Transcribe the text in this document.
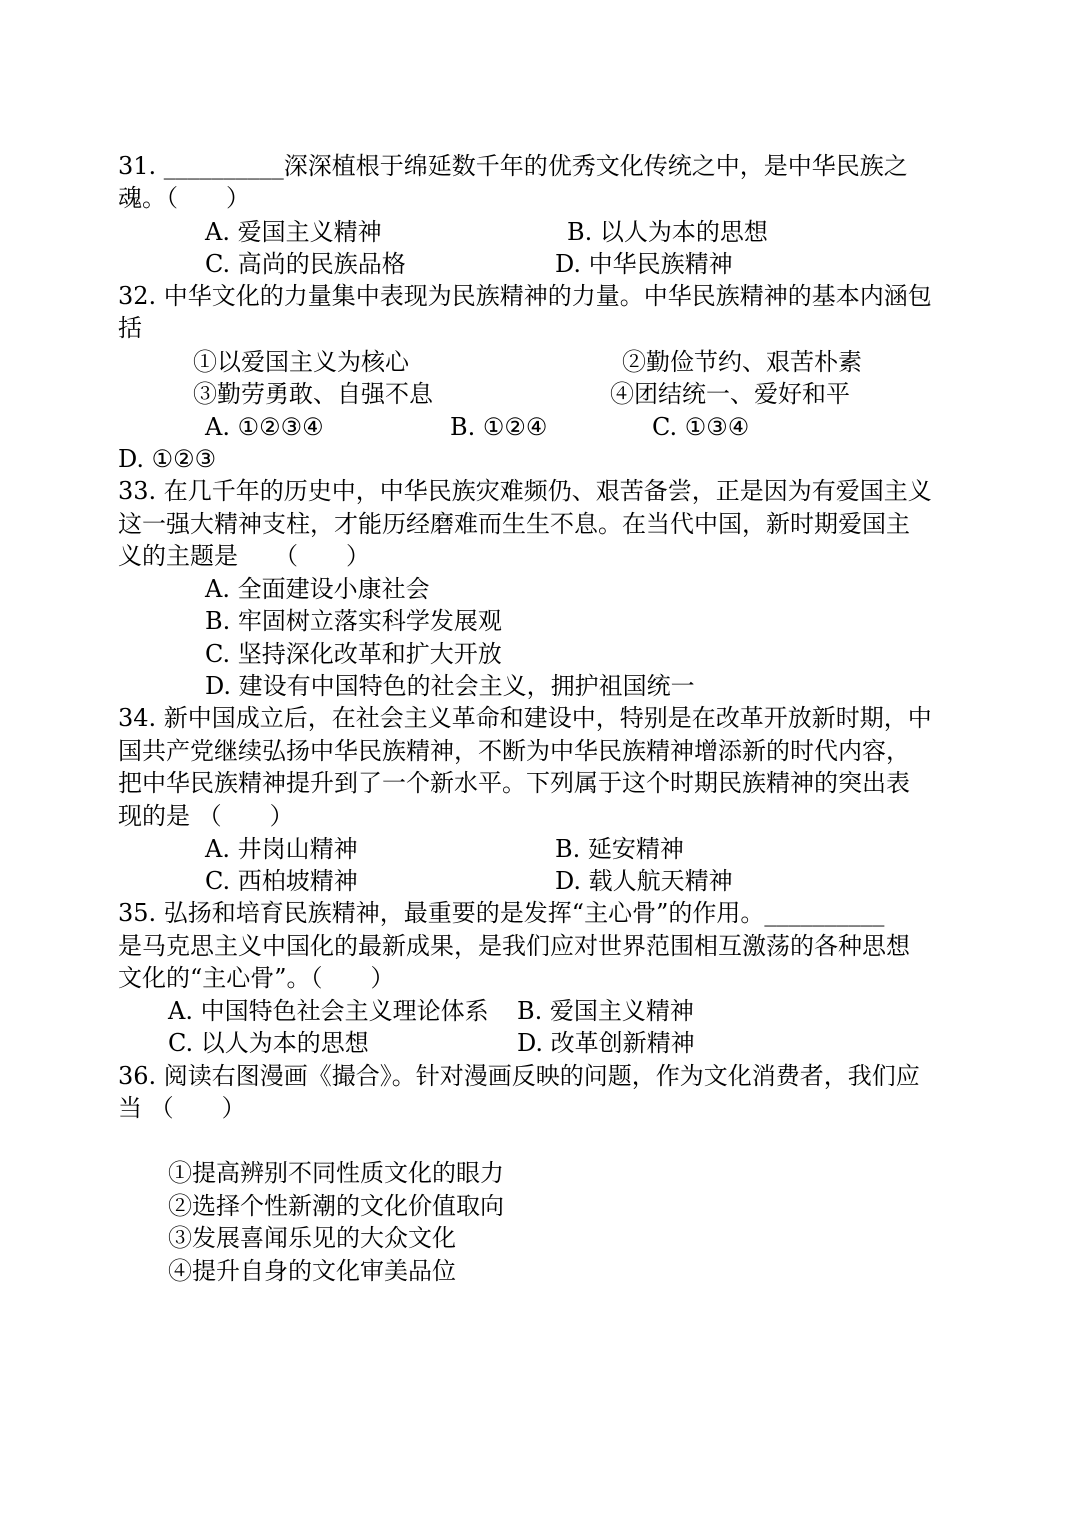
31. __________深深植根于绵延数千年的优秀文化传统之中，是中华民族之
魂。（　　）
A. 爱国主义精神	B. 以人为本的思想
C. 高尚的民族品格	D. 中华民族精神
32. 中华文化的力量集中表现为民族精神的力量。中华民族精神的基本内涵包
括
①以爱国主义为核心	②勤俭节约、艰苦朴素
③勤劳勇敢、自强不息	④团结统一、爱好和平
A. ①②③④	B. ①②④	C. ①③④
D. ①②③
33. 在几千年的历史中，中华民族灾难频仍、艰苦备尝，正是因为有爱国主义
这一强大精神支柱，才能历经磨难而生生不息。在当代中国，新时期爱国主
义的主题是　　（　　）
A. 全面建设小康社会
B. 牢固树立落实科学发展观
C. 坚持深化改革和扩大开放
D. 建设有中国特色的社会主义，拥护祖国统一
34. 新中国成立后，在社会主义革命和建设中，特别是在改革开放新时期，中
国共产党继续弘扬中华民族精神，不断为中华民族精神增添新的时代内容，
把中华民族精神提升到了一个新水平。下列属于这个时期民族精神的突出表
现的是 （　　）
A. 井岗山精神	B. 延安精神
C. 西柏坡精神	D. 载人航天精神
35. 弘扬和培育民族精神，最重要的是发挥“主心骨”的作用。__________
是马克思主义中国化的最新成果，是我们应对世界范围相互激荡的各种思想
文化的“主心骨”。（　　）
A. 中国特色社会主义理论体系 B. 爱国主义精神
C. 以人为本的思想	D. 改革创新精神
36. 阅读右图漫画《撮合》。针对漫画反映的问题，作为文化消费者，我们应
当 （　　）
①提高辨别不同性质文化的眼力
②选择个性新潮的文化价值取向
③发展喜闻乐见的大众文化
④提升自身的文化审美品位
